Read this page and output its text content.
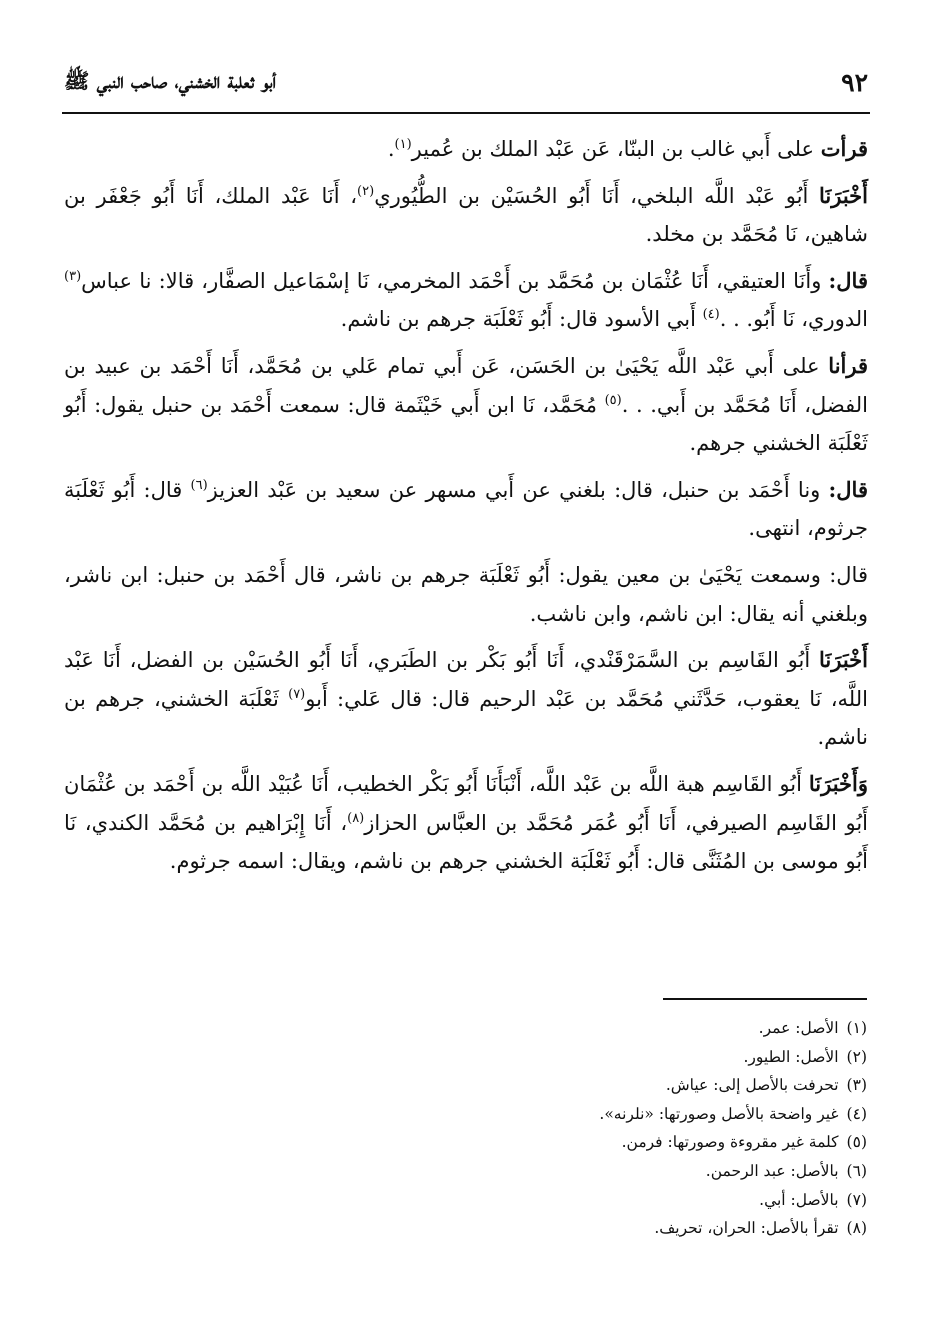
٩٢
أبو ثعلبة الخشني، صاحب النبي ﷺ

قرأت على أَبي غالب بن البنّا، عَن عَبْد الملك بن عُمير$^{(١)}$.

أَخْبَرَنَا أَبُو عَبْد اللَّه البلخي، أَنَا أَبُو الحُسَيْن بن الطُّيُوري$^{(٢)}$، أَنَا عَبْد الملك، أَنَا أَبُو جَعْفَر بن شاهين، نَا مُحَمَّد بن مخلد.

قال: وأَنَا العتيقي، أَنَا عُثْمَان بن مُحَمَّد بن أَحْمَد المخرمي، نَا إسْمَاعيل الصفَّار، قالا: نا عباس$^{(٣)}$ الدوري، نَا أَبُو. . .$^{(٤)}$ أَبي الأسود قال: أَبُو ثَعْلَبَة جرهم بن ناشم.

قرأنا على أَبي عَبْد اللَّه يَحْيَىٰ بن الحَسَن، عَن أَبي تمام عَلي بن مُحَمَّد، أَنَا أَحْمَد بن عبيد بن الفضل، أَنَا مُحَمَّد بن أَبي. . .$^{(٥)}$ مُحَمَّد، نَا ابن أَبي خَيْثَمة قال: سمعت أَحْمَد بن حنبل يقول: أَبُو ثَعْلَبَة الخشني جرهم.

قال: ونا أَحْمَد بن حنبل، قال: بلغني عن أَبي مسهر عن سعيد بن عَبْد العزيز$^{(٦)}$ قال: أَبُو ثَعْلَبَة جرثوم، انتهى.

قال: وسمعت يَحْيَىٰ بن معين يقول: أَبُو ثَعْلَبَة جرهم بن ناشر، قال أَحْمَد بن حنبل: ابن ناشر، وبلغني أنه يقال: ابن ناشم، وابن ناشب.

أَخْبَرَنَا أَبُو القَاسِم بن السَّمَرْقَنْدي، أَنَا أَبُو بَكْر بن الطَبَري، أَنَا أَبُو الحُسَيْن بن الفضل، أَنَا عَبْد اللَّه، نَا يعقوب، حَدَّثَني مُحَمَّد بن عَبْد الرحيم قال: قال عَلي: أَبو$^{(٧)}$ ثَعْلَبَة الخشني، جرهم بن ناشم.

وَأَخْبَرَنَا أَبُو القَاسِم هبة اللَّه بن عَبْد اللَّه، أَنْبَأَنَا أَبُو بَكْر الخطيب، أَنَا عُبَيْد اللَّه بن أَحْمَد بن عُثْمَان أَبُو القَاسِم الصيرفي، أَنَا أَبُو عُمَر مُحَمَّد بن العبَّاس الحزاز$^{(٨)}$، أَنَا إِبْرَاهيم بن مُحَمَّد الكندي، نَا أَبُو موسى بن المُثَنَّى قال: أَبُو ثَعْلَبَة الخشني جرهم بن ناشم، ويقال: اسمه جرثوم.

(١)الأصل: عمر.
(٢)الأصل: الطيور.
(٣)تحرفت بالأصل إلى: عياش.
(٤)غير واضحة بالأصل وصورتها: «نلرنه».
(٥)كلمة غير مقروءة وصورتها: فرمن.
(٦)بالأصل: عبد الرحمن.
(٧)بالأصل: أبي.
(٨)تقرأ بالأصل: الحران، تحريف.
